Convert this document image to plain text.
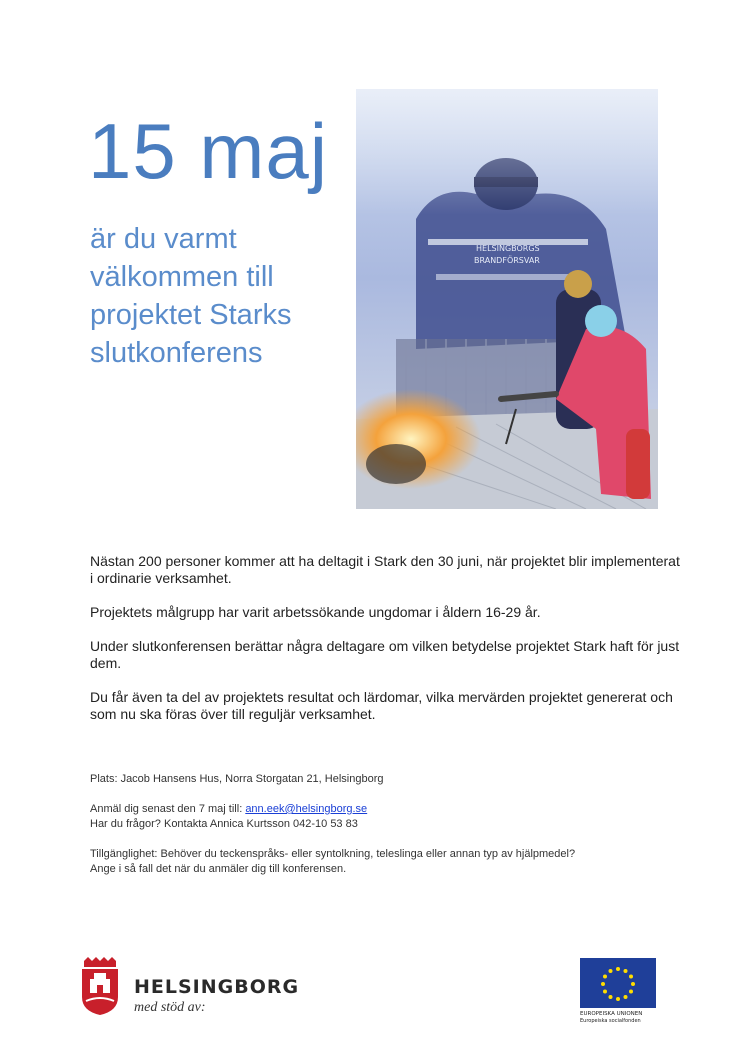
15 maj
är du varmt
välkommen till
projektet Starks
slutkonferens

Nästan 200 personer kommer att ha deltagit i Stark den 30 juni, när projektet blir implementerat i ordinarie verksamhet.

Projektets målgrupp har varit arbetssökande ungdomar i åldern 16-29 år.

Under slutkonferensen berättar några deltagare om vilken betydelse projektet Stark haft för just dem.

Du får även ta del av projektets resultat och lärdomar, vilka mervärden projektet genererat och som nu ska föras över till reguljär verksamhet.

Plats: Jacob Hansens Hus, Norra Storgatan 21, Helsingborg

Anmäl dig senast den 7 maj till: ann.eek@helsingborg.se
Har du frågor? Kontakta Annica Kurtsson 042-10 53 83

Tillgänglighet: Behöver du teckenspråks- eller syntolkning, teleslinga eller annan typ av hjälpmedel?
Ange i så fall det när du anmäler dig till konferensen.

HELSINGBORG
med stöd av:	EUROPEISKA UNIONEN
Europeiska socialfonden
